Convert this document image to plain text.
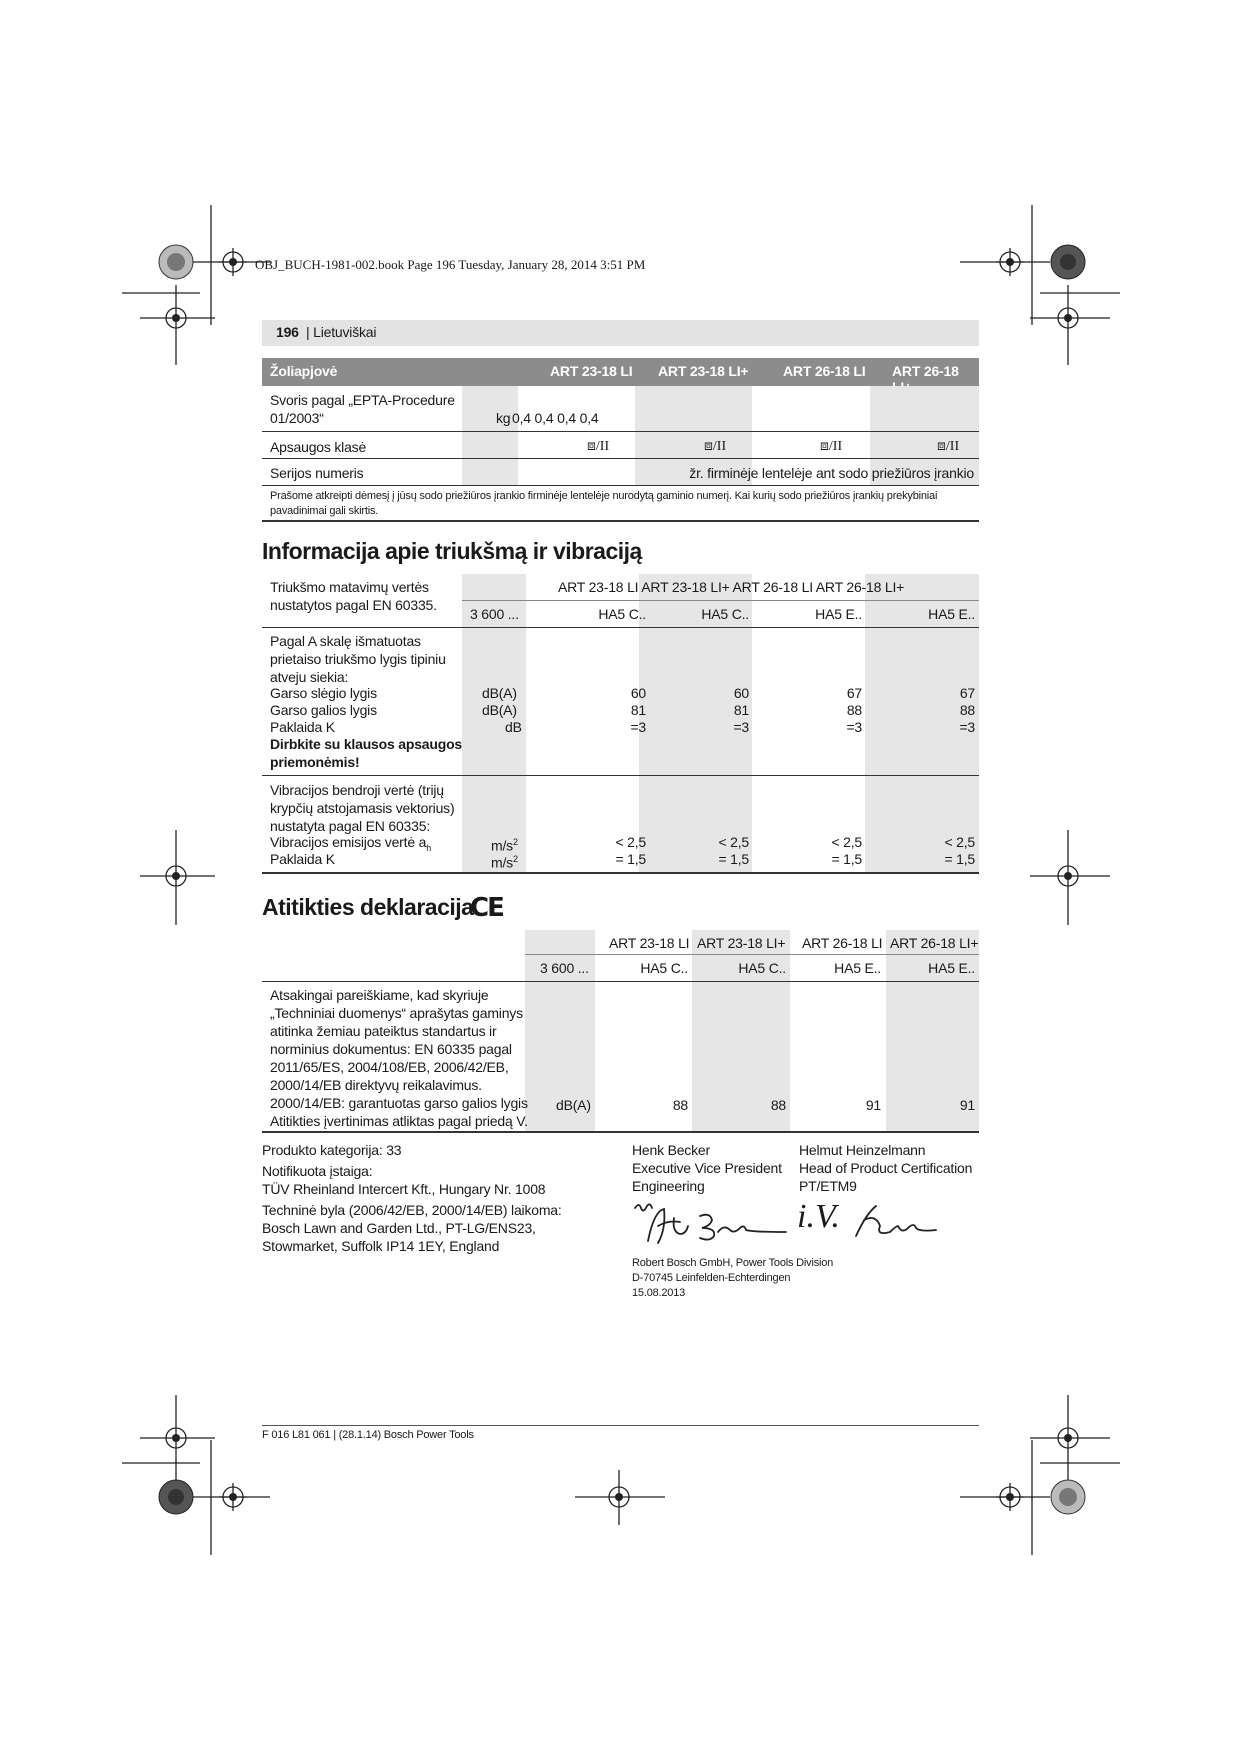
OBJ_BUCH-1981-002.book Page 196 Tuesday, January 28, 2014 3:51 PM
196 | Lietuviškai
Žoliapjovė	ART 23-18 LI ART 23-18 LI+ ART 26-18 LI ART 26-18
Svoris pagal „EPTA-Procedure
01/2003“	kg 0,4 0,4 0,4 0,4
Apsaugos klasė	⧈/II	⧈/II	⧈/II	⧈/II
Serijos numeris	žr. firminėje lentelėje ant sodo priežiūros įrankio
Prašome atkreipti dėmesį į jūsų sodo priežiūros įrankio firminėje lentelėje nurodytą gaminio numerį. Kai kurių sodo priežiūros įrankių prekybiniai
pavadinimai gali skirtis.
Informacija apie triukšmą ir vibraciją
Triukšmo matavimų vertės
nustatytos pagal EN 60335.
ART 23-18 LI ART 23-18 LI+ ART 26-18 LI ART 26-18 LI+
3 600 ...	HA5 C..	HA5 C..	HA5 E..	HA5 E..
Pagal A skalę išmatuotas
prietaiso triukšmo lygis tipiniu
atveju siekia:
Garso slėgio lygis	dB(A)	60	60	67	67
Garso galios lygis	dB(A)	81	81	88	88
Paklaida K	dB	=3	=3	=3	=3
Dirbkite su klausos apsaugos
priemonėmis!
Vibracijos bendroji vertė (trijų
krypčių atstojamasis vektorius)
nustatyta pagal EN 60335:
Vibracijos emisijos vertė $a_h$	$m/s^2$	< 2,5	< 2,5	< 2,5	< 2,5
Paklaida K	$m/s^2$	= 1,5	= 1,5	= 1,5	= 1,5
Atitikties deklaracija
CE
ART 23-18 LI ART 23-18 LI+ ART 26-18 LI ART 26-18 LI+
3 600 ...	HA5 C..	HA5 C..	HA5 E..	HA5 E..
Atsakingai pareiškiame, kad skyriuje
„Techniniai duomenys“ aprašytas gaminys
atitinka žemiau pateiktus standartus ir
norminius dokumentus: EN 60335 pagal
2011/65/ES, 2004/108/EB, 2006/42/EB,
2000/14/EB direktyvų reikalavimus.
2000/14/EB: garantuotas garso galios lygis
Atitikties įvertinimas atliktas pagal priedą V.
dB(A)	88	88	91	91
Produkto kategorija: 33
Notifikuota įstaiga:
TÜV Rheinland Intercert Kft., Hungary Nr. 1008
Techninė byla (2006/42/EB, 2000/14/EB) laikoma:
Bosch Lawn and Garden Ltd., PT-LG/ENS23,
Stowmarket, Suffolk IP14 1EY, England
Henk Becker
Executive Vice President
Engineering
Helmut Heinzelmann
Head of Product Certification
PT/ETM9
i.V.
Robert Bosch GmbH, Power Tools Division
D-70745 Leinfelden-Echterdingen
15.08.2013
F 016 L81 061 | (28.1.14) Bosch Power Tools
